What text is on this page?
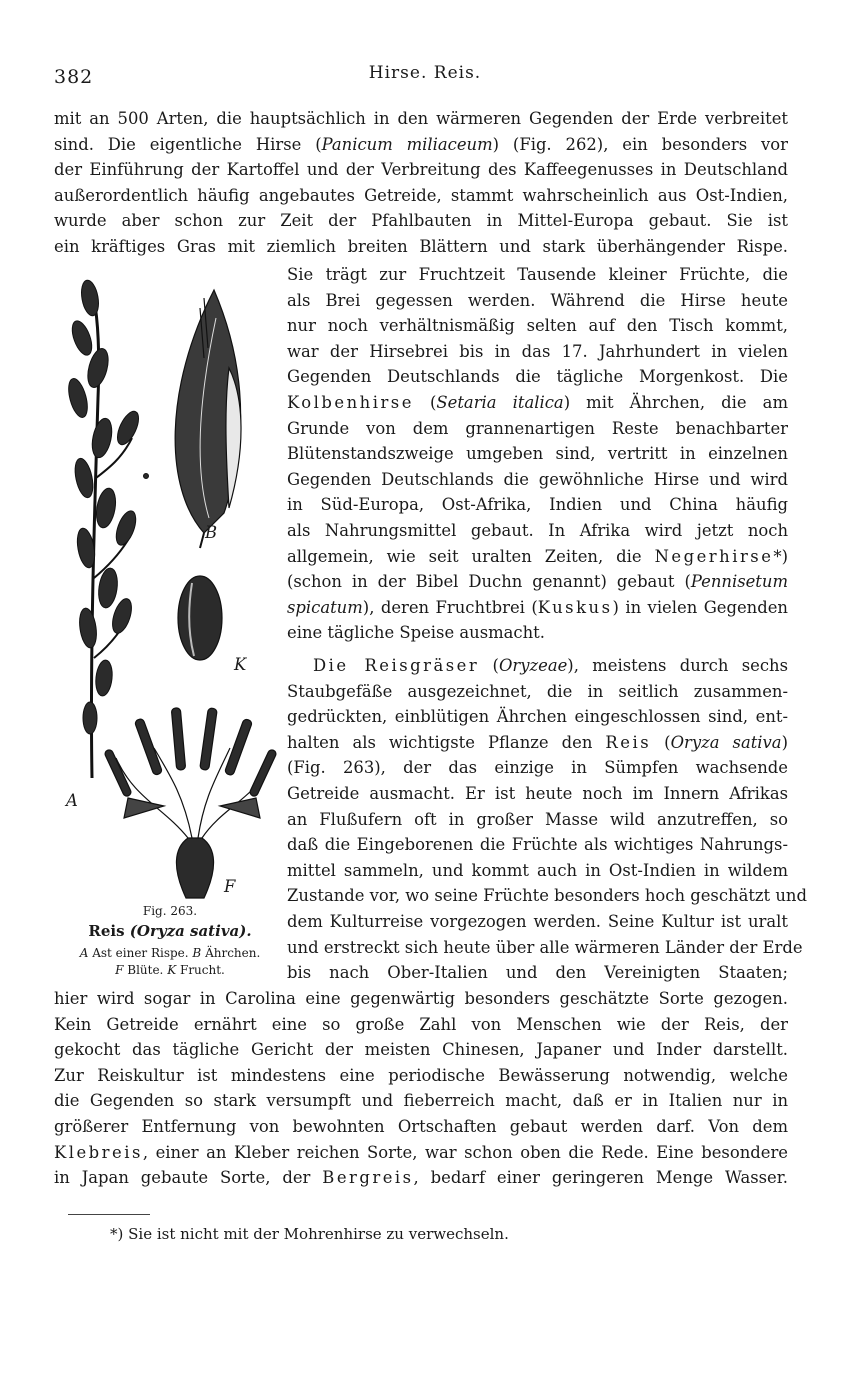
382	Hirse. Reis.
B
K
A
F
Fig. 263.
Reis (Oryza sativa).
A Ast einer Rispe. B Ährchen.
F Blüte. K Frucht.
*) Sie ist nicht mit der Mohrenhirse zu verwechseln.
mit an 500 Arten, die hauptsächlich in den wärmeren Gegenden der Erde verbreitet
sind. Die eigentliche Hirse (Panicum miliaceum) (Fig. 262), ein besonders vor
der Einführung der Kartoffel und der Verbreitung des Kaffeegenusses in Deutschland
außerordentlich häufig angebautes Getreide, stammt wahrscheinlich aus Ost-Indien,
wurde aber schon zur Zeit der Pfahlbauten in Mittel-Europa gebaut. Sie ist
ein kräftiges Gras mit ziemlich breiten Blättern und stark überhängender Rispe.
Sie trägt zur Fruchtzeit Tausende kleiner Früchte, die
als Brei gegessen werden. Während die Hirse heute
nur noch verhältnismäßig selten auf den Tisch kommt,
war der Hirsebrei bis in das 17. Jahrhundert in vielen
Gegenden Deutschlands die tägliche Morgenkost. Die
Kolbenhirse (Setaria italica) mit Ährchen, die am
Grunde von dem grannenartigen Reste benachbarter
Blütenstandszweige umgeben sind, vertritt in einzelnen
Gegenden Deutschlands die gewöhnliche Hirse und wird
in Süd-Europa, Ost-Afrika, Indien und China häufig
als Nahrungsmittel gebaut. In Afrika wird jetzt noch
allgemein, wie seit uralten Zeiten, die Negerhirse*)
(schon in der Bibel Duchn genannt) gebaut (Pennisetum
spicatum), deren Fruchtbrei (Kuskus) in vielen Gegenden
eine tägliche Speise ausmacht.
Die Reisgräser (Oryzeae), meistens durch sechs
Staubgefäße ausgezeichnet, die in seitlich zusammen-
gedrückten, einblütigen Ährchen eingeschlossen sind, ent-
halten als wichtigste Pflanze den Reis (Oryza sativa)
(Fig. 263), der das einzige in Sümpfen wachsende
Getreide ausmacht. Er ist heute noch im Innern Afrikas
an Flußufern oft in großer Masse wild anzutreffen, so
daß die Eingeborenen die Früchte als wichtiges Nahrungs-
mittel sammeln, und kommt auch in Ost-Indien in wildem
Zustande vor, wo seine Früchte besonders hoch geschätzt und
dem Kulturreise vorgezogen werden. Seine Kultur ist uralt
und erstreckt sich heute über alle wärmeren Länder der Erde
bis nach Ober-Italien und den Vereinigten Staaten;
hier wird sogar in Carolina eine gegenwärtig besonders geschätzte Sorte gezogen.
Kein Getreide ernährt eine so große Zahl von Menschen wie der Reis, der
gekocht das tägliche Gericht der meisten Chinesen, Japaner und Inder darstellt.
Zur Reiskultur ist mindestens eine periodische Bewässerung notwendig, welche
die Gegenden so stark versumpft und fieberreich macht, daß er in Italien nur in
größerer Entfernung von bewohnten Ortschaften gebaut werden darf. Von dem
Klebreis, einer an Kleber reichen Sorte, war schon oben die Rede. Eine besondere
in Japan gebaute Sorte, der Bergreis, bedarf einer geringeren Menge Wasser.
